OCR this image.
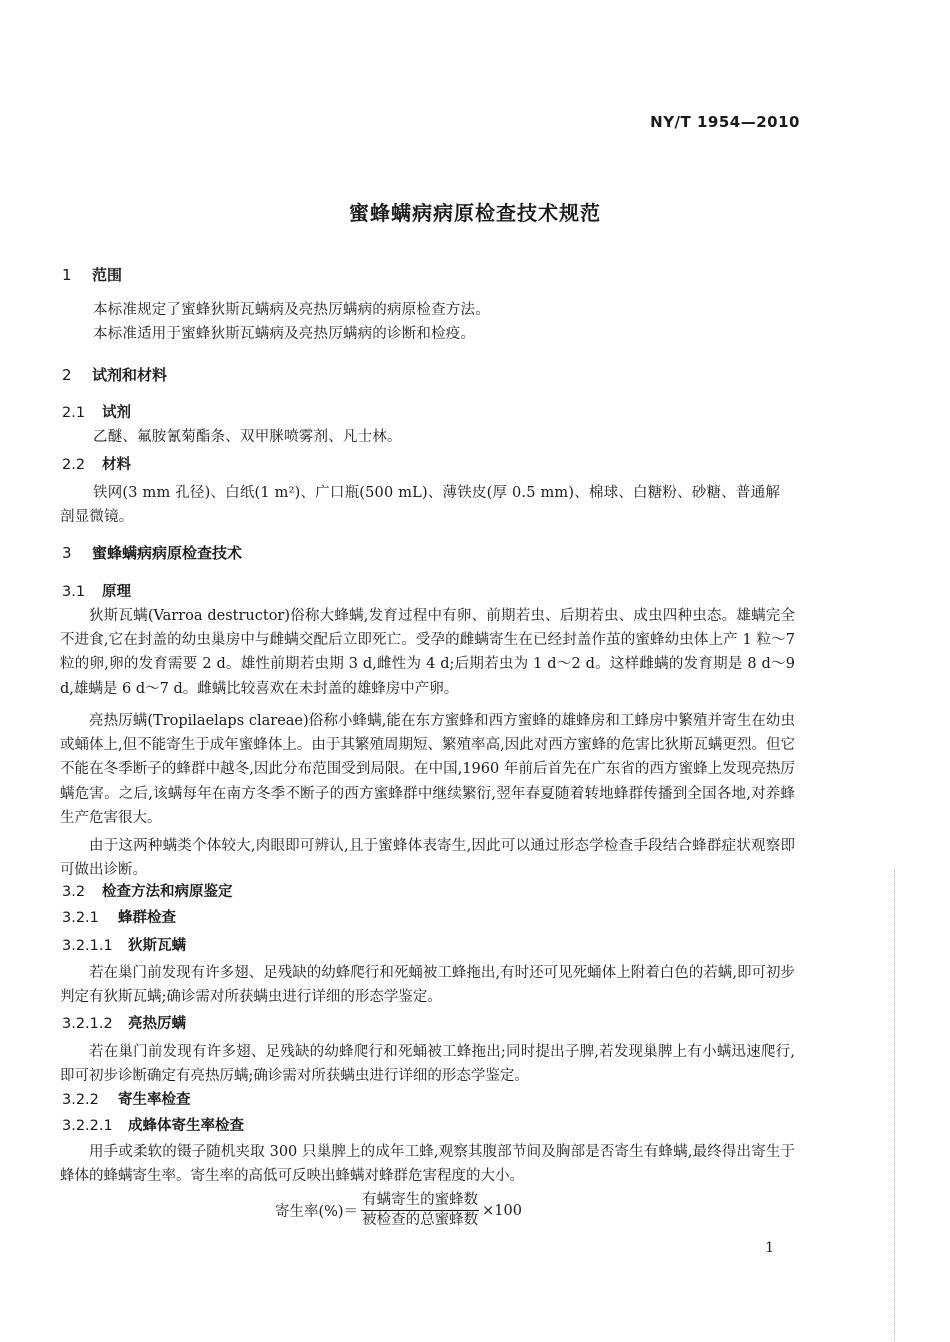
NY/T 1954—2010
蜜蜂螨病病原检查技术规范
1 范围
本标准规定了蜜蜂狄斯瓦螨病及亮热厉螨病的病原检查方法。
本标准适用于蜜蜂狄斯瓦螨病及亮热厉螨病的诊断和检疫。
2 试剂和材料
2.1 试剂
乙醚、氟胺氰菊酯条、双甲脒喷雾剂、凡士林。
2.2 材料
铁网(3 mm 孔径)、白纸(1 m²)、广口瓶(500 mL)、薄铁皮(厚 0.5 mm)、棉球、白糖粉、砂糖、普通解
剖显微镜。
3 蜜蜂螨病病原检查技术
3.1 原理
狄斯瓦螨(Varroa destructor)俗称大蜂螨,发育过程中有卵、前期若虫、后期若虫、成虫四种虫态。雄螨完全不进食,它在封盖的幼虫巢房中与雌螨交配后立即死亡。受孕的雌螨寄生在已经封盖作茧的蜜蜂幼虫体上产 1 粒～7 粒的卵,卵的发育需要 2 d。雄性前期若虫期 3 d,雌性为 4 d;后期若虫为 1 d～2 d。这样雌螨的发育期是 8 d～9 d,雄螨是 6 d～7 d。雌螨比较喜欢在未封盖的雄蜂房中产卵。
亮热厉螨(Tropilaelaps clareae)俗称小蜂螨,能在东方蜜蜂和西方蜜蜂的雄蜂房和工蜂房中繁殖并寄生在幼虫或蛹体上,但不能寄生于成年蜜蜂体上。由于其繁殖周期短、繁殖率高,因此对西方蜜蜂的危害比狄斯瓦螨更烈。但它不能在冬季断子的蜂群中越冬,因此分布范围受到局限。在中国,1960 年前后首先在广东省的西方蜜蜂上发现亮热厉螨危害。之后,该螨每年在南方冬季不断子的西方蜜蜂群中继续繁衍,翌年春夏随着转地蜂群传播到全国各地,对养蜂生产危害很大。
由于这两种螨类个体较大,肉眼即可辨认,且于蜜蜂体表寄生,因此可以通过形态学检查手段结合蜂群症状观察即可做出诊断。
3.2 检查方法和病原鉴定
3.2.1 蜂群检查
3.2.1.1 狄斯瓦螨
若在巢门前发现有许多翅、足残缺的幼蜂爬行和死蛹被工蜂拖出,有时还可见死蛹体上附着白色的若螨,即可初步判定有狄斯瓦螨;确诊需对所获螨虫进行详细的形态学鉴定。
3.2.1.2 亮热厉螨
若在巢门前发现有许多翅、足残缺的幼蜂爬行和死蛹被工蜂拖出;同时提出子脾,若发现巢脾上有小螨迅速爬行,即可初步诊断确定有亮热厉螨;确诊需对所获螨虫进行详细的形态学鉴定。
3.2.2 寄生率检查
3.2.2.1 成蜂体寄生率检查
用手或柔软的镊子随机夹取 300 只巢脾上的成年工蜂,观察其腹部节间及胸部是否寄生有蜂螨,最终得出寄生于蜂体的蜂螨寄生率。寄生率的高低可反映出蜂螨对蜂群危害程度的大小。
寄生率(%)＝ $\frac{\text{有螨寄生的蜜蜂数}}{\text{被检查的总蜜蜂数}} \times 100$
1
